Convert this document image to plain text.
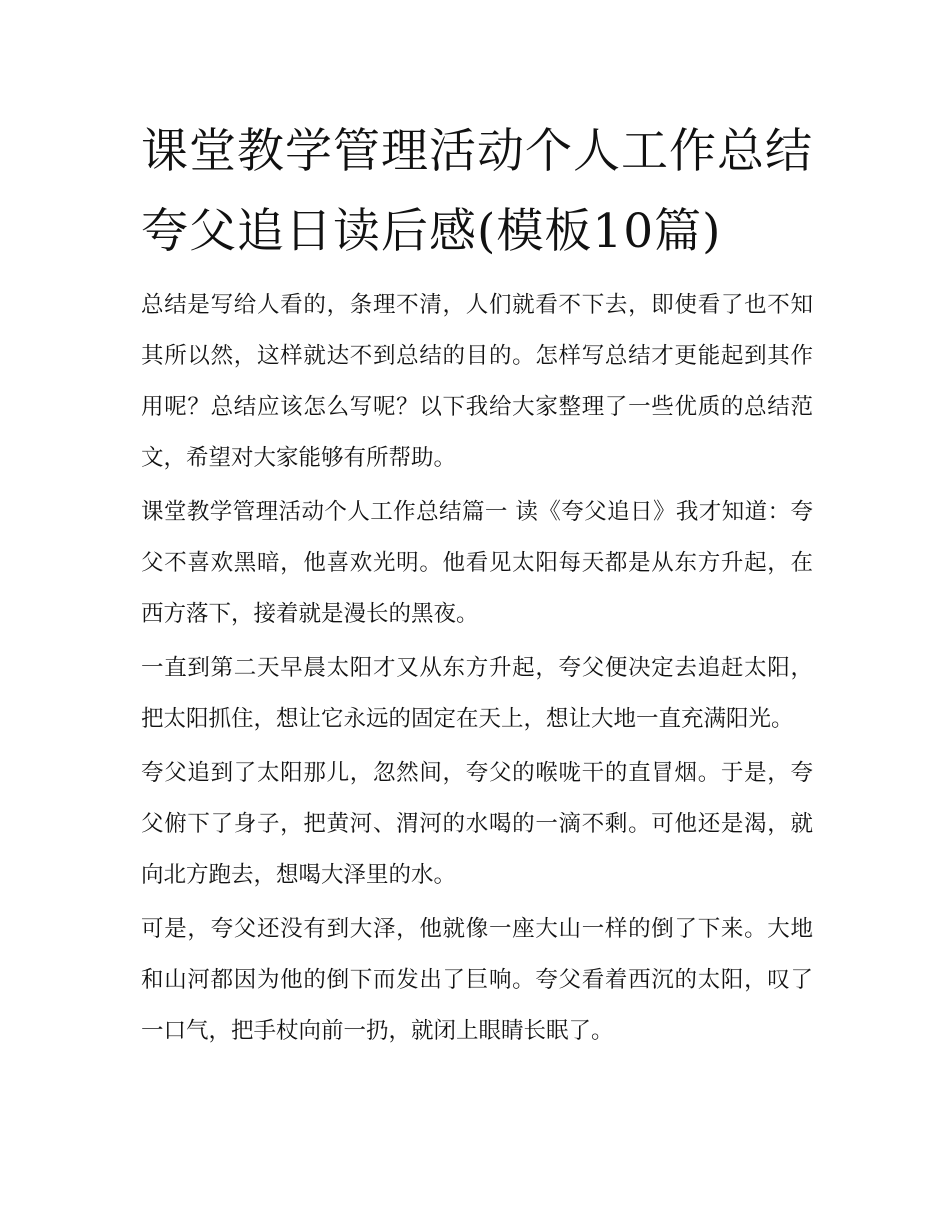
课堂教学管理活动个人工作总结 夸父追日读后感(模板10篇)

总结是写给人看的，条理不清，人们就看不下去，即使看了也不知其所以然，这样就达不到总结的目的。怎样写总结才更能起到其作用呢？总结应该怎么写呢？以下我给大家整理了一些优质的总结范文，希望对大家能够有所帮助。

课堂教学管理活动个人工作总结篇一 读《夸父追日》我才知道：夸父不喜欢黑暗，他喜欢光明。他看见太阳每天都是从东方升起，在西方落下，接着就是漫长的黑夜。

一直到第二天早晨太阳才又从东方升起，夸父便决定去追赶太阳，把太阳抓住，想让它永远的固定在天上，想让大地一直充满阳光。

夸父追到了太阳那儿，忽然间，夸父的喉咙干的直冒烟。于是，夸父俯下了身子，把黄河、渭河的水喝的一滴不剩。可他还是渴，就向北方跑去，想喝大泽里的水。

可是，夸父还没有到大泽，他就像一座大山一样的倒了下来。大地和山河都因为他的倒下而发出了巨响。夸父看着西沉的太阳，叹了一口气，把手杖向前一扔，就闭上眼睛长眠了。
